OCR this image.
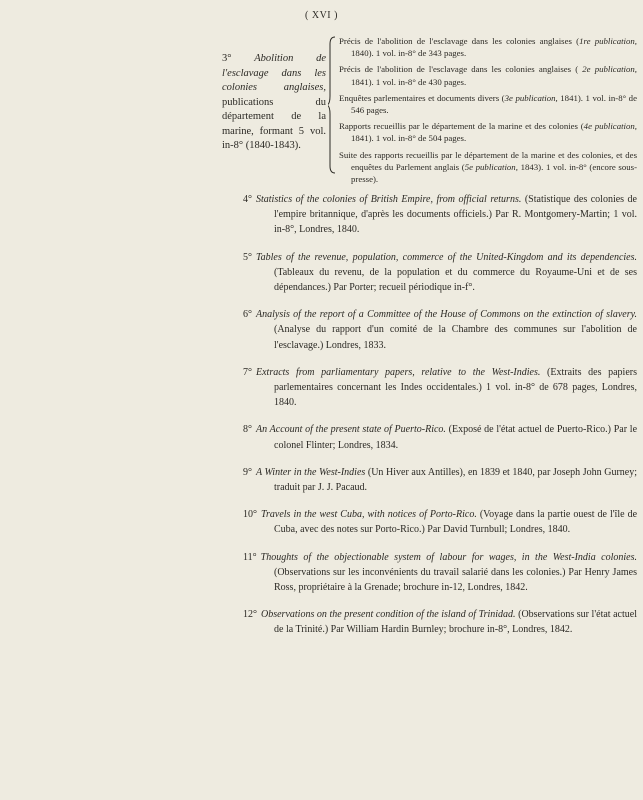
( XVI )
3° Abolition de l'esclavage dans les colonies anglaises, publications du département de la marine, formant 5 vol. in-8° (1840-1843).
Précis de l'abolition de l'esclavage dans les colonies anglaises (1re publication, 1840). 1 vol. in-8° de 343 pages.
Précis de l'abolition de l'esclavage dans les colonies anglaises ( 2e publication, 1841). 1 vol. in-8° de 430 pages.
Enquêtes parlementaires et documents divers (3e publication, 1841). 1 vol. in-8° de 546 pages.
Rapports recueillis par le département de la marine et des colonies (4e publication, 1841). 1 vol. in-8° de 504 pages.
Suite des rapports recueillis par le département de la marine et des colonies, et des enquêtes du Parlement anglais (5e publication, 1843). 1 vol. in-8° (encore sous-presse).
4° Statistics of the colonies of British Empire, from official returns. (Statistique des colonies de l'empire britannique, d'après les documents officiels.) Par R. Montgomery-Martin; 1 vol. in-8°, Londres, 1840.
5° Tables of the revenue, population, commerce of the United-Kingdom and its dependencies. (Tableaux du revenu, de la population et du commerce du Royaume-Uni et de ses dépendances.) Par Porter; recueil périodique in-f°.
6° Analysis of the report of a Committee of the House of Commons on the extinction of slavery. (Analyse du rapport d'un comité de la Chambre des communes sur l'abolition de l'esclavage.) Londres, 1833.
7° Extracts from parliamentary papers, relative to the West-Indies. (Extraits des papiers parlementaires concernant les Indes occidentales.) 1 vol. in-8° de 678 pages, Londres, 1840.
8° An Account of the present state of Puerto-Rico. (Exposé de l'état actuel de Puerto-Rico.) Par le colonel Flinter; Londres, 1834.
9° A Winter in the West-Indies (Un Hiver aux Antilles), en 1839 et 1840, par Joseph John Gurney; traduit par J. J. Pacaud.
10° Travels in the west Cuba, with notices of Porto-Rico. (Voyage dans la partie ouest de l'île de Cuba, avec des notes sur Porto-Rico.) Par David Turnbull; Londres, 1840.
11° Thoughts of the objectionable system of labour for wages, in the West-India colonies. (Observations sur les inconvénients du travail salarié dans les colonies.) Par Henry James Ross, propriétaire à la Grenade; brochure in-12, Londres, 1842.
12° Observations on the present condition of the island of Trinidad. (Observations sur l'état actuel de la Trinité.) Par William Hardin Burnley; brochure in-8°, Londres, 1842.
